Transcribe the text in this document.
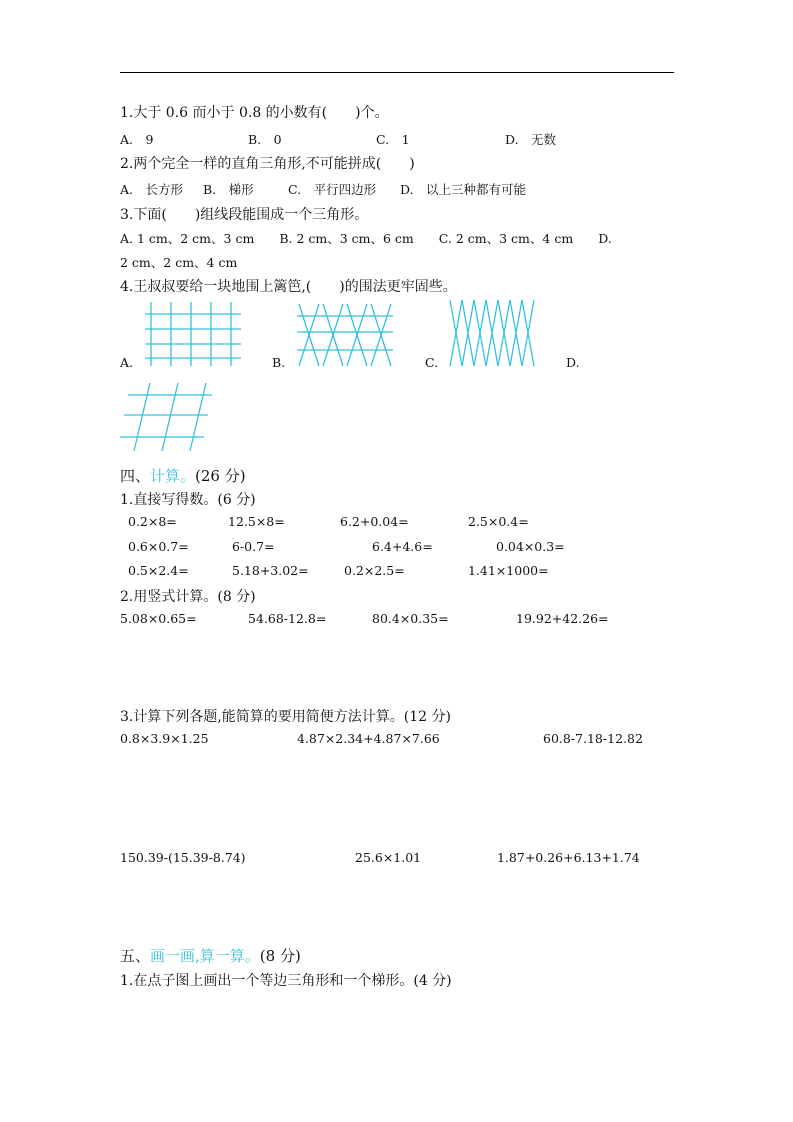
1.大于 0.6 而小于 0.8 的小数有(　　)个。
A.　9	B.　0	C.　1	D.　无数
2.两个完全一样的直角三角形,不可能拼成(　　)
A.　长方形 B.　梯形	C.　平行四边形 D.　以上三种都有可能
3.下面(　　)组线段能围成一个三角形。
A. 1 cm、2 cm、3 cm　　B. 2 cm、3 cm、6 cm　　C. 2 cm、3 cm、4 cm　　D.
2 cm、2 cm、4 cm
4.王叔叔要给一块地围上篱笆,(　　)的围法更牢固些。
A.	B.	C.	D.
四、计算。(26 分)
1.直接写得数。(6 分)
0.2×8=	12.5×8=	6.2+0.04=	2.5×0.4=
0.6×0.7=	6-0.7=	6.4+4.6=	0.04×0.3=
0.5×2.4=	5.18+3.02=	0.2×2.5=	1.41×1000=
2.用竖式计算。(8 分)
5.08×0.65=	54.68-12.8=	80.4×0.35=	19.92+42.26=
3.计算下列各题,能简算的要用简便方法计算。(12 分)
0.8×3.9×1.25	4.87×2.34+4.87×7.66	60.8-7.18-12.82
150.39-(15.39-8.74)	25.6×1.01	1.87+0.26+6.13+1.74
五、画一画,算一算。(8 分)
1.在点子图上画出一个等边三角形和一个梯形。(4 分)
